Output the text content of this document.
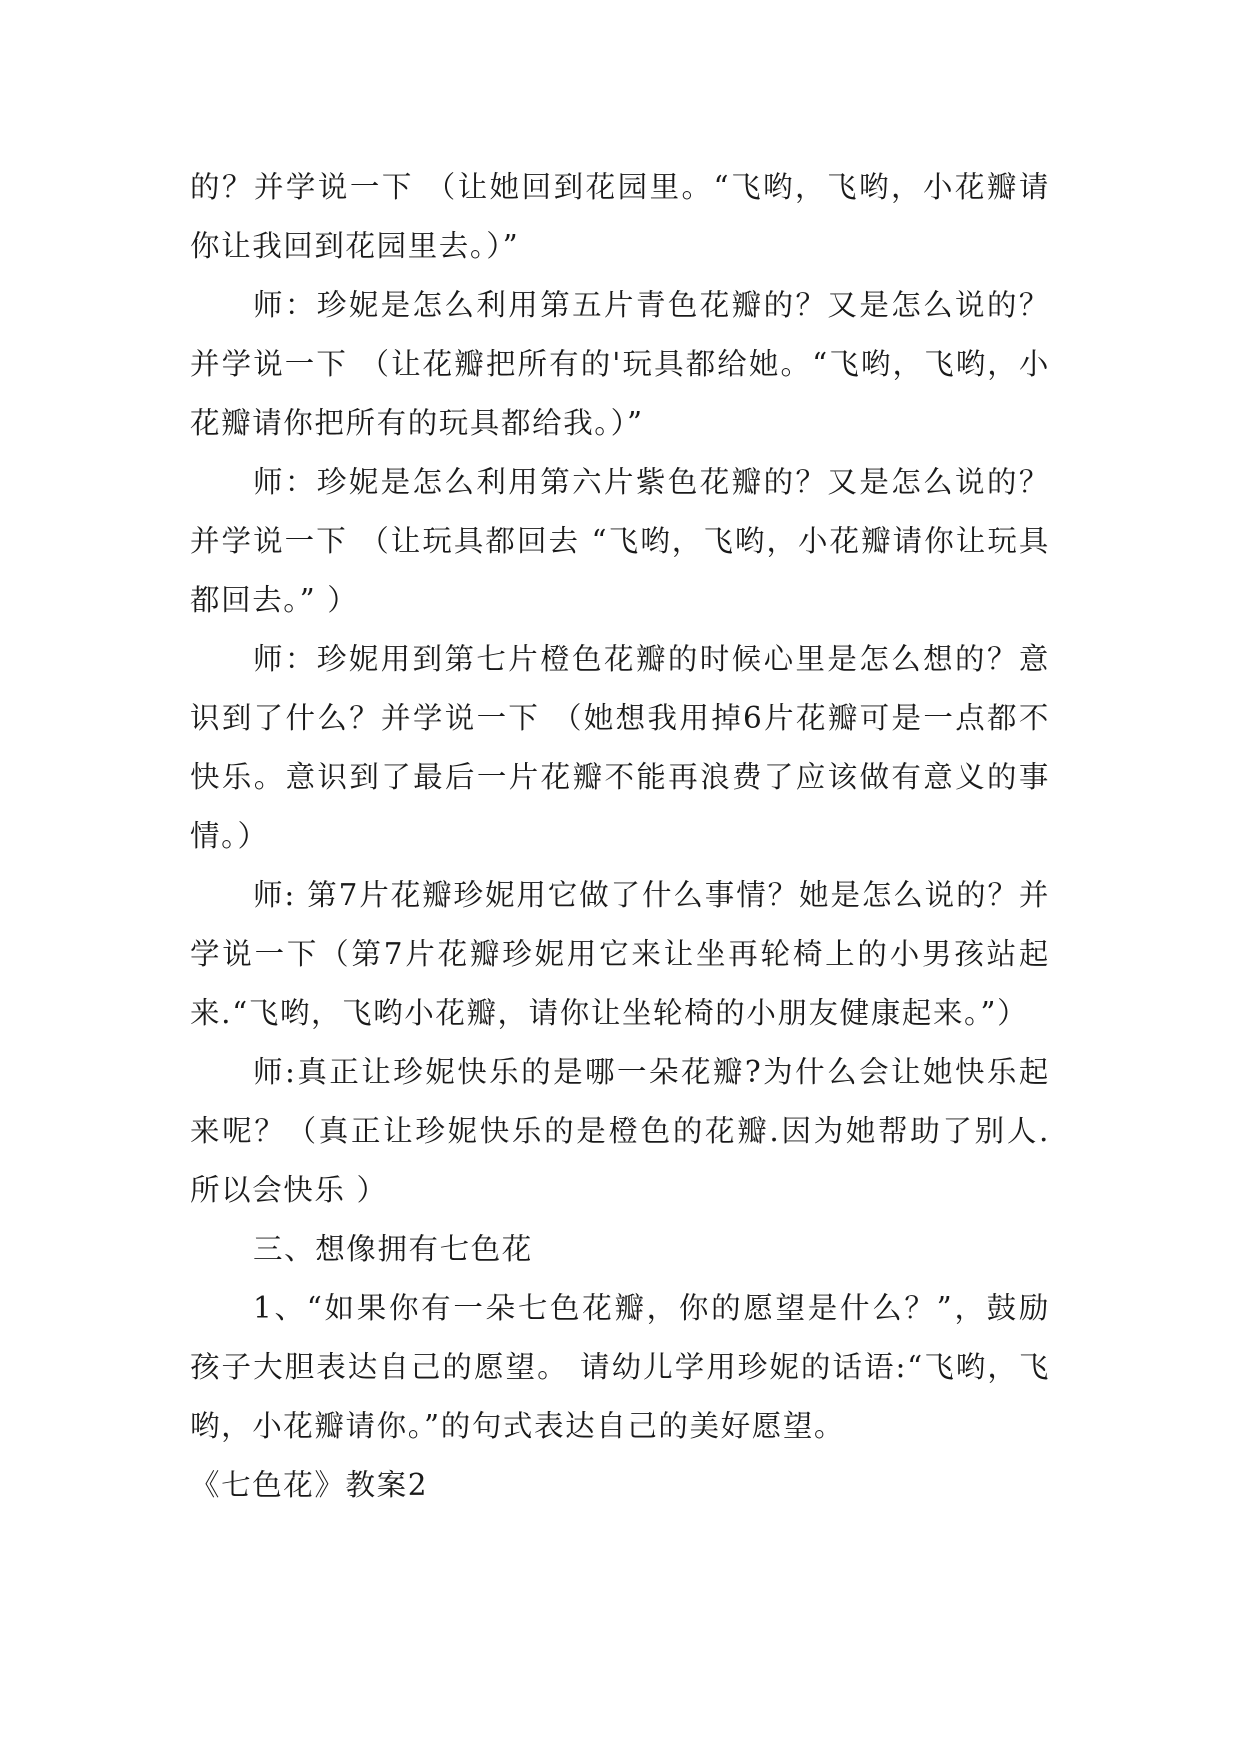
的？并学说一下 （让她回到花园里。“飞哟，飞哟，小花瓣请你让我回到花园里去。）”

师：珍妮是怎么利用第五片青色花瓣的？又是怎么说的？并学说一下 （让花瓣把所有的'玩具都给她。“飞哟，飞哟，小花瓣请你把所有的玩具都给我。）”

师：珍妮是怎么利用第六片紫色花瓣的？又是怎么说的？并学说一下 （让玩具都回去 “飞哟，飞哟，小花瓣请你让玩具都回去。” ）

师：珍妮用到第七片橙色花瓣的时候心里是怎么想的？意识到了什么？并学说一下 （她想我用掉6片花瓣可是一点都不快乐。意识到了最后一片花瓣不能再浪费了应该做有意义的事情。）

师: 第7片花瓣珍妮用它做了什么事情？她是怎么说的？并学说一下（第7片花瓣珍妮用它来让坐再轮椅上的小男孩站起来.“飞哟，飞哟小花瓣，请你让坐轮椅的小朋友健康起来。”）

师:真正让珍妮快乐的是哪一朵花瓣?为什么会让她快乐起来呢？（真正让珍妮快乐的是橙色的花瓣.因为她帮助了别人.所以会快乐 ）

三、想像拥有七色花

1、“如果你有一朵七色花瓣，你的愿望是什么？”，鼓励孩子大胆表达自己的愿望。 请幼儿学用珍妮的话语:“飞哟，飞哟，小花瓣请你。”的句式表达自己的美好愿望。

《七色花》教案2
